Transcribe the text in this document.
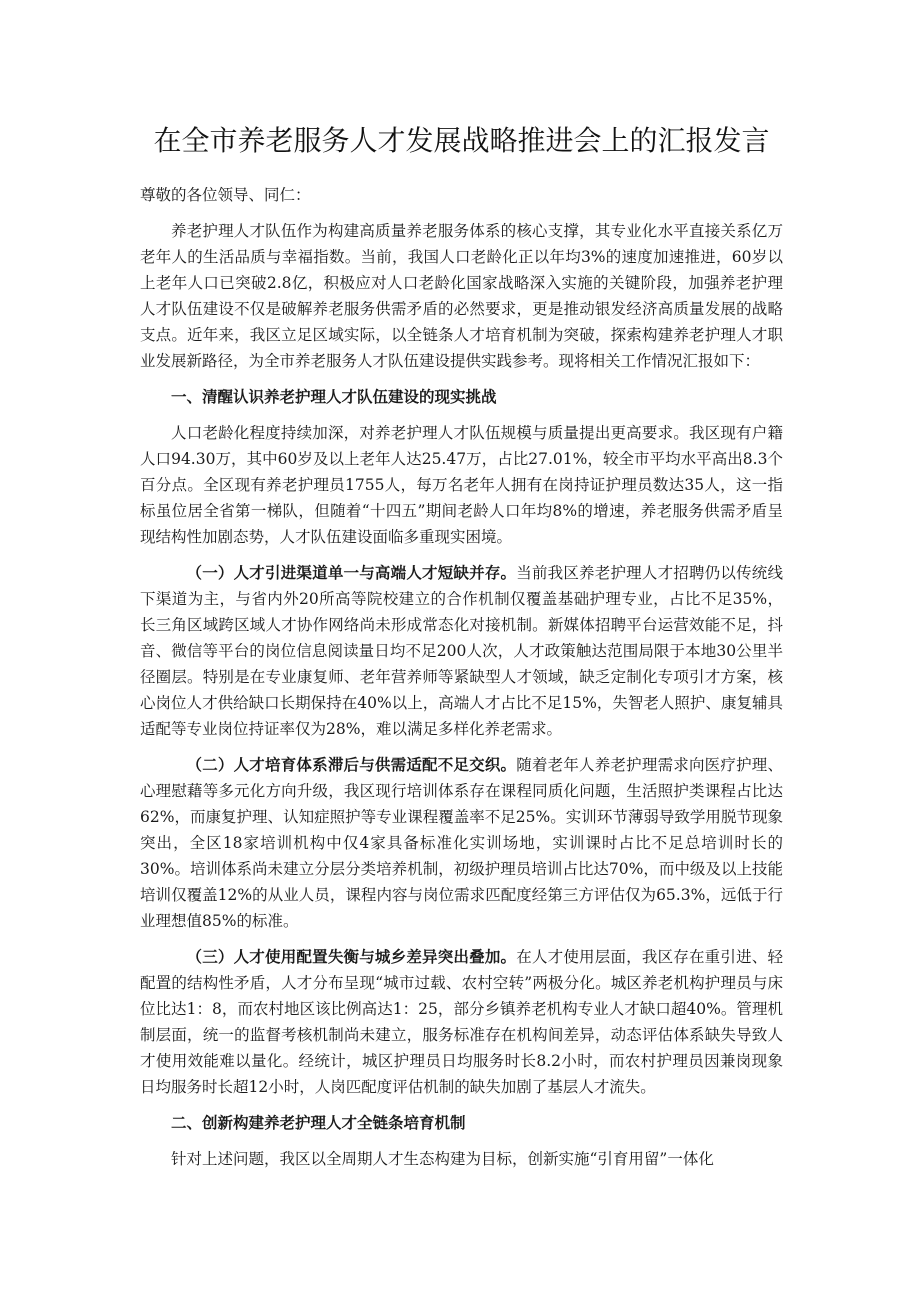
在全市养老服务人才发展战略推进会上的汇报发言

尊敬的各位领导、同仁：

养老护理人才队伍作为构建高质量养老服务体系的核心支撑，其专业化水平直接关系亿万老年人的生活品质与幸福指数。当前，我国人口老龄化正以年均3%的速度加速推进，60岁以上老年人口已突破2.8亿，积极应对人口老龄化国家战略深入实施的关键阶段，加强养老护理人才队伍建设不仅是破解养老服务供需矛盾的必然要求，更是推动银发经济高质量发展的战略支点。近年来，我区立足区域实际，以全链条人才培育机制为突破，探索构建养老护理人才职业发展新路径，为全市养老服务人才队伍建设提供实践参考。现将相关工作情况汇报如下：

一、清醒认识养老护理人才队伍建设的现实挑战

人口老龄化程度持续加深，对养老护理人才队伍规模与质量提出更高要求。我区现有户籍人口94.30万，其中60岁及以上老年人达25.47万，占比27.01%，较全市平均水平高出8.3个百分点。全区现有养老护理员1755人，每万名老年人拥有在岗持证护理员数达35人，这一指标虽位居全省第一梯队，但随着“十四五”期间老龄人口年均8%的增速，养老服务供需矛盾呈现结构性加剧态势，人才队伍建设面临多重现实困境。

（一）人才引进渠道单一与高端人才短缺并存。当前我区养老护理人才招聘仍以传统线下渠道为主，与省内外20所高等院校建立的合作机制仅覆盖基础护理专业，占比不足35%，长三角区域跨区域人才协作网络尚未形成常态化对接机制。新媒体招聘平台运营效能不足，抖音、微信等平台的岗位信息阅读量日均不足200人次，人才政策触达范围局限于本地30公里半径圈层。特别是在专业康复师、老年营养师等紧缺型人才领域，缺乏定制化专项引才方案，核心岗位人才供给缺口长期保持在40%以上，高端人才占比不足15%，失智老人照护、康复辅具适配等专业岗位持证率仅为28%，难以满足多样化养老需求。

（二）人才培育体系滞后与供需适配不足交织。随着老年人养老护理需求向医疗护理、心理慰藉等多元化方向升级，我区现行培训体系存在课程同质化问题，生活照护类课程占比达62%，而康复护理、认知症照护等专业课程覆盖率不足25%。实训环节薄弱导致学用脱节现象突出，全区18家培训机构中仅4家具备标准化实训场地，实训课时占比不足总培训时长的30%。培训体系尚未建立分层分类培养机制，初级护理员培训占比达70%，而中级及以上技能培训仅覆盖12%的从业人员，课程内容与岗位需求匹配度经第三方评估仅为65.3%，远低于行业理想值85%的标准。

（三）人才使用配置失衡与城乡差异突出叠加。在人才使用层面，我区存在重引进、轻配置的结构性矛盾，人才分布呈现“城市过载、农村空转”两极分化。城区养老机构护理员与床位比达1：8，而农村地区该比例高达1：25，部分乡镇养老机构专业人才缺口超40%。管理机制层面，统一的监督考核机制尚未建立，服务标准存在机构间差异，动态评估体系缺失导致人才使用效能难以量化。经统计，城区护理员日均服务时长8.2小时，而农村护理员因兼岗现象日均服务时长超12小时，人岗匹配度评估机制的缺失加剧了基层人才流失。

二、创新构建养老护理人才全链条培育机制

针对上述问题，我区以全周期人才生态构建为目标，创新实施“引育用留”一体化
